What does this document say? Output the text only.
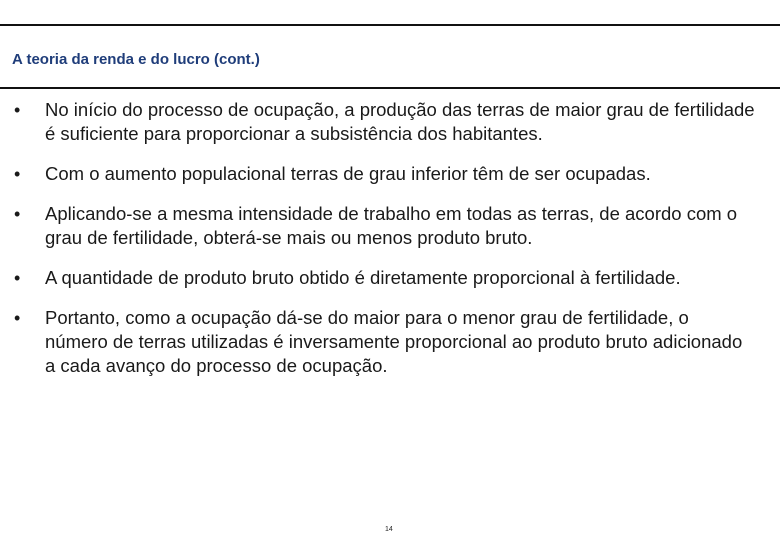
A teoria da renda e do lucro (cont.)
• No início do processo de ocupação, a produção das terras de maior grau de fertilidade é suficiente para proporcionar a subsistência dos habitantes.
• Com o aumento populacional terras de grau inferior têm de ser ocupadas.
• Aplicando-se a mesma intensidade de trabalho em todas as terras, de acordo com o grau de fertilidade, obterá-se mais ou menos produto bruto.
• A quantidade de produto bruto obtido é diretamente proporcional à fertilidade.
• Portanto, como a ocupação dá-se do maior para o menor grau de fertilidade, o número de terras utilizadas é inversamente proporcional ao produto bruto adicionado a cada avanço do processo de ocupação.
14
